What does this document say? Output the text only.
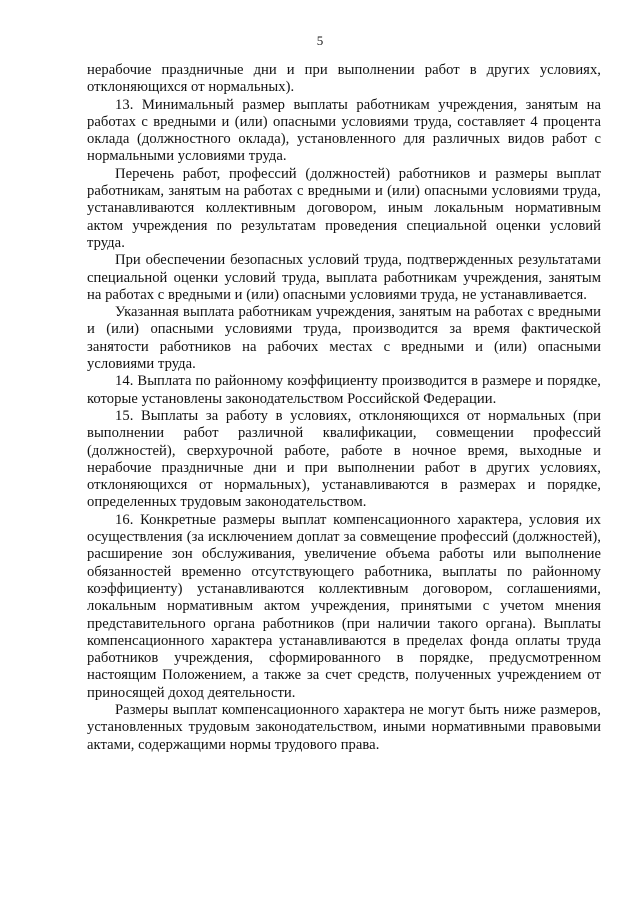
5

нерабочие праздничные дни и при выполнении работ в других условиях, отклоняющихся от нормальных).

13. Минимальный размер выплаты работникам учреждения, занятым на работах с вредными и (или) опасными условиями труда, составляет 4 процента оклада (должностного оклада), установленного для различных видов работ с нормальными условиями труда.

Перечень работ, профессий (должностей) работников и размеры выплат работникам, занятым на работах с вредными и (или) опасными условиями труда, устанавливаются коллективным договором, иным локальным нормативным актом учреждения по результатам проведения специальной оценки условий труда.

При обеспечении безопасных условий труда, подтвержденных результатами специальной оценки условий труда, выплата работникам учреждения, занятым на работах с вредными и (или) опасными условиями труда, не устанавливается.

Указанная выплата работникам учреждения, занятым на работах с вредными и (или) опасными условиями труда, производится за время фактической занятости работников на рабочих местах с вредными и (или) опасными условиями труда.

14. Выплата по районному коэффициенту производится в размере и порядке, которые установлены законодательством Российской Федерации.

15. Выплаты за работу в условиях, отклоняющихся от нормальных (при выполнении работ различной квалификации, совмещении профессий (должностей), сверхурочной работе, работе в ночное время, выходные и нерабочие праздничные дни и при выполнении работ в других условиях, отклоняющихся от нормальных), устанавливаются в размерах и порядке, определенных трудовым законодательством.

16. Конкретные размеры выплат компенсационного характера, условия их осуществления (за исключением доплат за совмещение профессий (должностей), расширение зон обслуживания, увеличение объема работы или выполнение обязанностей временно отсутствующего работника, выплаты по районному коэффициенту) устанавливаются коллективным договором, соглашениями, локальным нормативным актом учреждения, принятыми с учетом мнения представительного органа работников (при наличии такого органа). Выплаты компенсационного характера устанавливаются в пределах фонда оплаты труда работников учреждения, сформированного в порядке, предусмотренном настоящим Положением, а также за счет средств, полученных учреждением от приносящей доход деятельности.

Размеры выплат компенсационного характера не могут быть ниже размеров, установленных трудовым законодательством, иными нормативными правовыми актами, содержащими нормы трудового права.
